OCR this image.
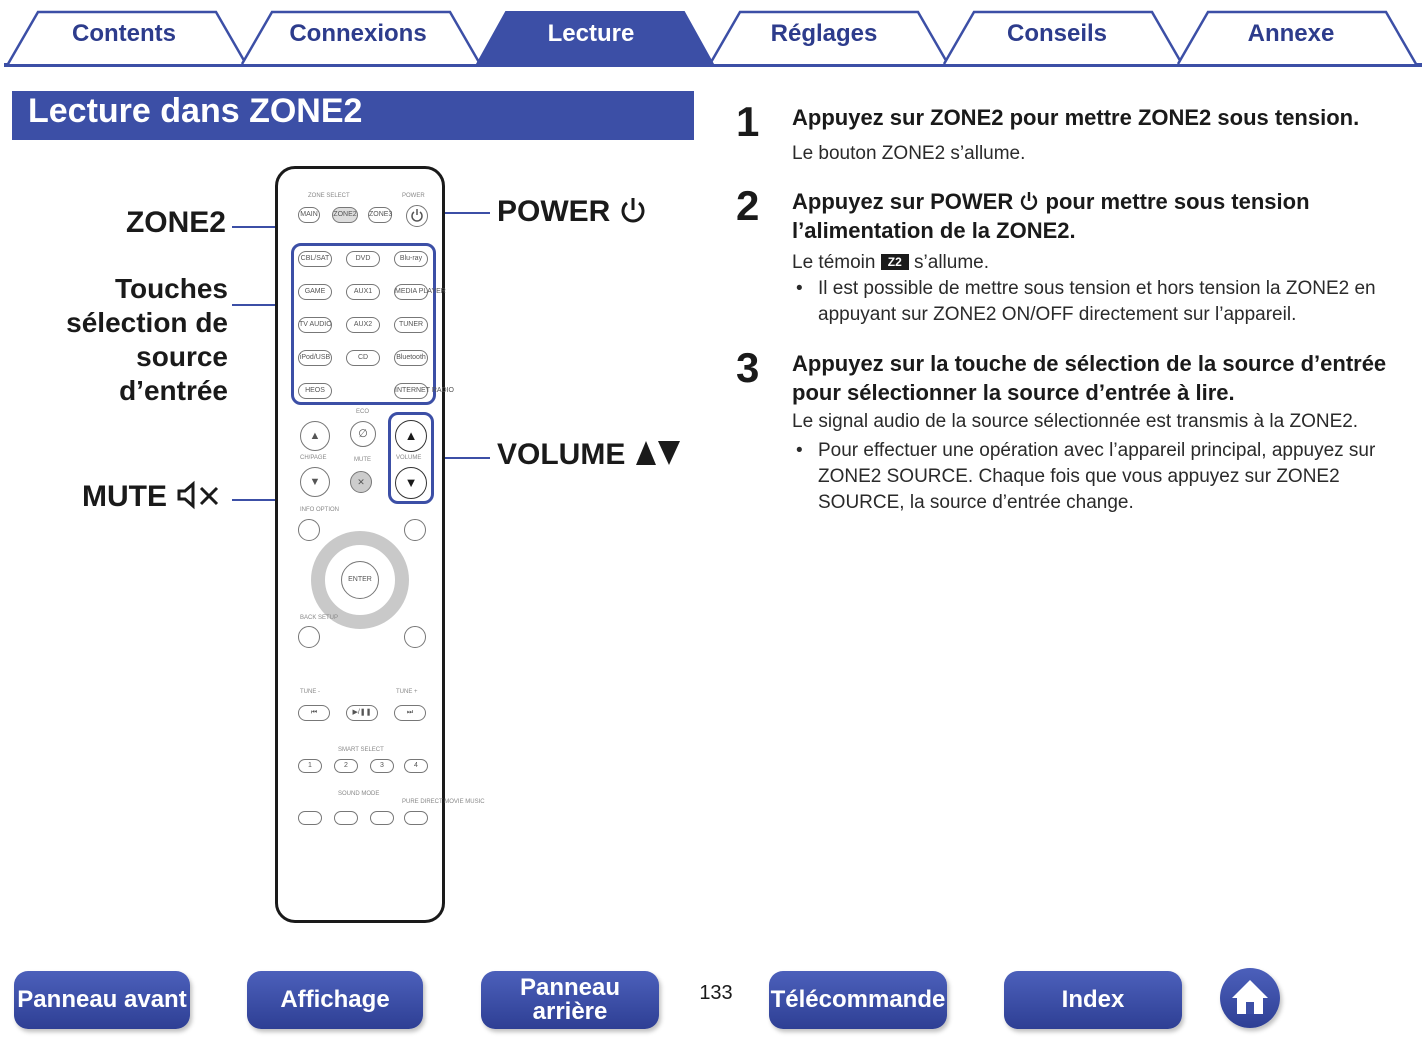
Contents	Connexions	Lecture	Réglages	Conseils	Annexe
Lecture dans ZONE2
ZONE2
Touches
sélection de
source
d’entrée
MUTE
POWER
VOLUME
ZONE SELECT	POWER
MAIN	ZONE2 ZONE3
CBL/SAT	DVD	Blu-ray
GAME	AUX1	MEDIA PLAYER
TV AUDIO	AUX2	TUNER
iPod/USB	CD	Bluetooth
HEOS	INTERNET RADIO
ECO
▲	∅
CH/PAGE	MUTE	VOLUME
▼	✕
▲
▼
INFO OPTION
ENTER
BACK SETUP
TUNE -	TUNE +
⏮	▶/❚❚	⏭
SMART SELECT
1	2	3	4
SOUND MODE
PURE DIRECT MOVIE MUSIC
1 Appuyez sur ZONE2 pour mettre ZONE2 sous tension.
Le bouton ZONE2 s’allume.
2 Appuyez sur POWER pour mettre sous tension
l’alimentation de la ZONE2.
Le témoin Z2 s’allume.
• Il est possible de mettre sous tension et hors tension la ZONE2 en appuyant sur ZONE2 ON/OFF directement sur l’appareil.
3 Appuyez sur la touche de sélection de la source d’entrée pour sélectionner la source d’entrée à lire.
Le signal audio de la source sélectionnée est transmis à la ZONE2.
• Pour effectuer une opération avec l’appareil principal, appuyez sur ZONE2 SOURCE. Chaque fois que vous appuyez sur ZONE2 SOURCE, la source d’entrée change.
Panneau avant	Affichage	Panneau arrière
133 Télécommande	Index
